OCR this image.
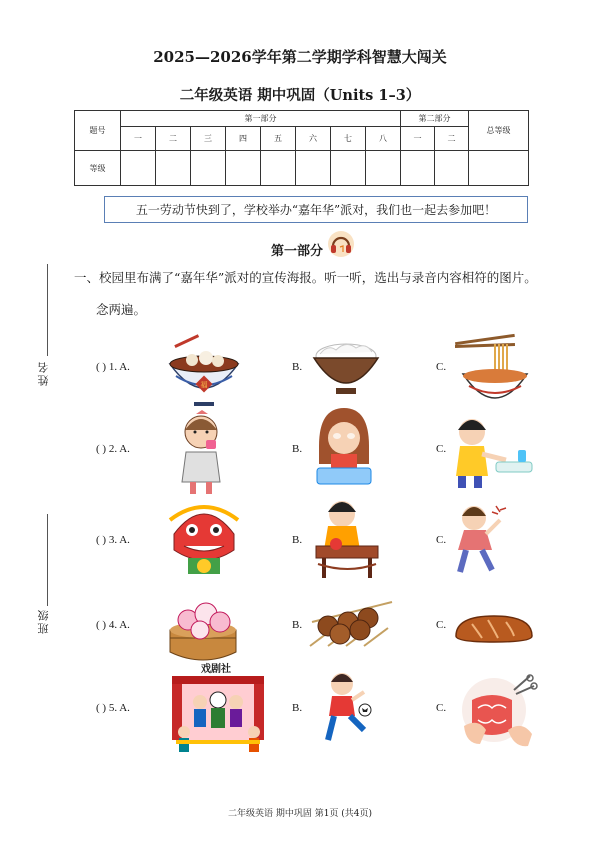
2025—2026学年第二学期学科智慧大闯关
二年级英语 期中巩固（Units 1–3）
题号	第一部分								第二部分		总等级
	一	二	三	四	五	六	七	八	一	二	
等级											
五一劳动节快到了，学校举办“嘉年华”派对，我们也一起去参加吧！
第一部分
一、校园里布满了“嘉年华”派对的宣传海报。听一听，选出与录音内容相符的图片。
念两遍。
姓名
班级
( ) 1. A.	B.	C.
( ) 2. A.	B.	C.
( ) 3. A.	B.	C.
( ) 4. A.	B.	C.
( ) 5. A.	B.	C.
福
戏剧社
二年级英语 期中巩固 第1页 (共4页)
